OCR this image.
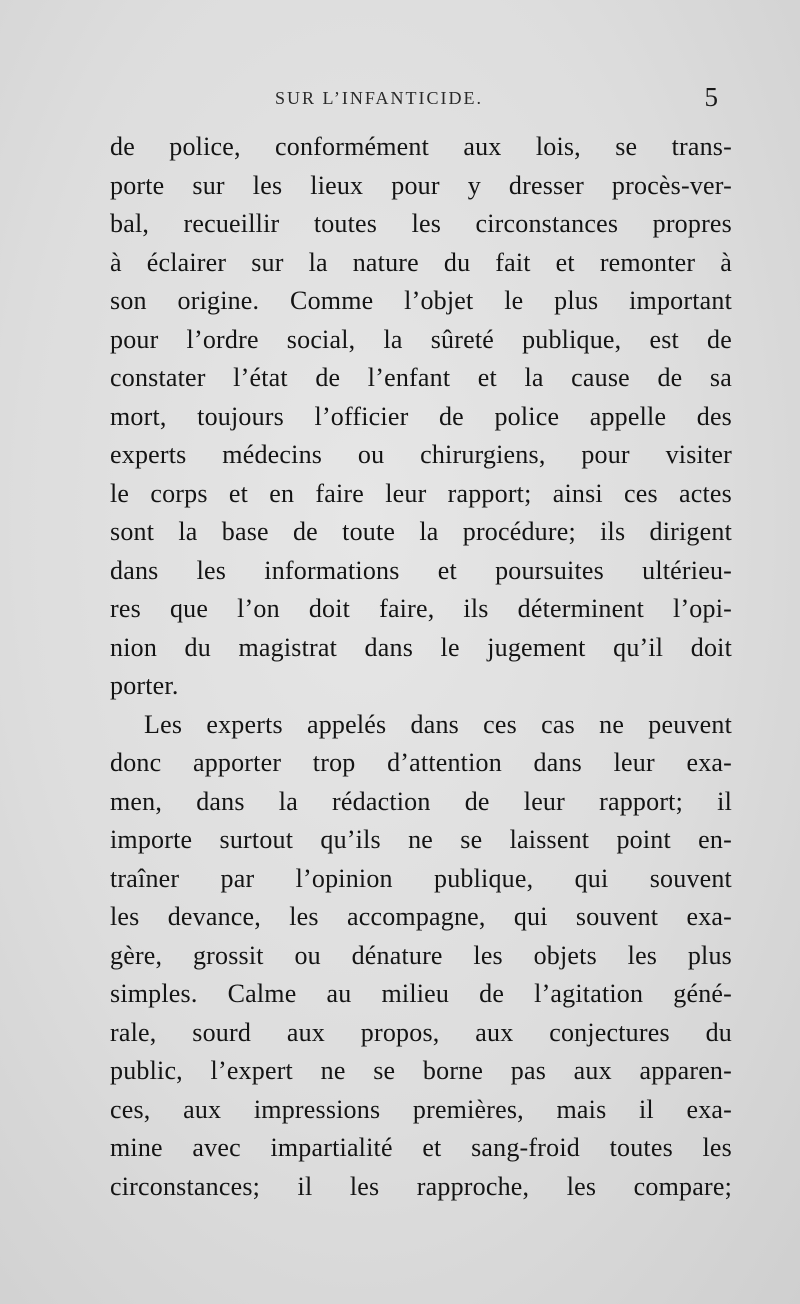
SUR L’INFANTICIDE.	5
de police, conformément aux lois, se trans-
porte sur les lieux pour y dresser procès-ver-
bal, recueillir toutes les circonstances propres
à éclairer sur la nature du fait et remonter à
son origine. Comme l’objet le plus important
pour l’ordre social, la sûreté publique, est de
constater l’état de l’enfant et la cause de sa
mort, toujours l’officier de police appelle des
experts médecins ou chirurgiens, pour visiter
le corps et en faire leur rapport; ainsi ces actes
sont la base de toute la procédure; ils dirigent
dans les informations et poursuites ultérieu-
res que l’on doit faire, ils déterminent l’opi-
nion du magistrat dans le jugement qu’il doit
porter.
Les experts appelés dans ces cas ne peuvent
donc apporter trop d’attention dans leur exa-
men, dans la rédaction de leur rapport; il
importe surtout qu’ils ne se laissent point en-
traîner par l’opinion publique, qui souvent
les devance, les accompagne, qui souvent exa-
gère, grossit ou dénature les objets les plus
simples. Calme au milieu de l’agitation géné-
rale, sourd aux propos, aux conjectures du
public, l’expert ne se borne pas aux apparen-
ces, aux impressions premières, mais il exa-
mine avec impartialité et sang-froid toutes les
circonstances; il les rapproche, les compare;
